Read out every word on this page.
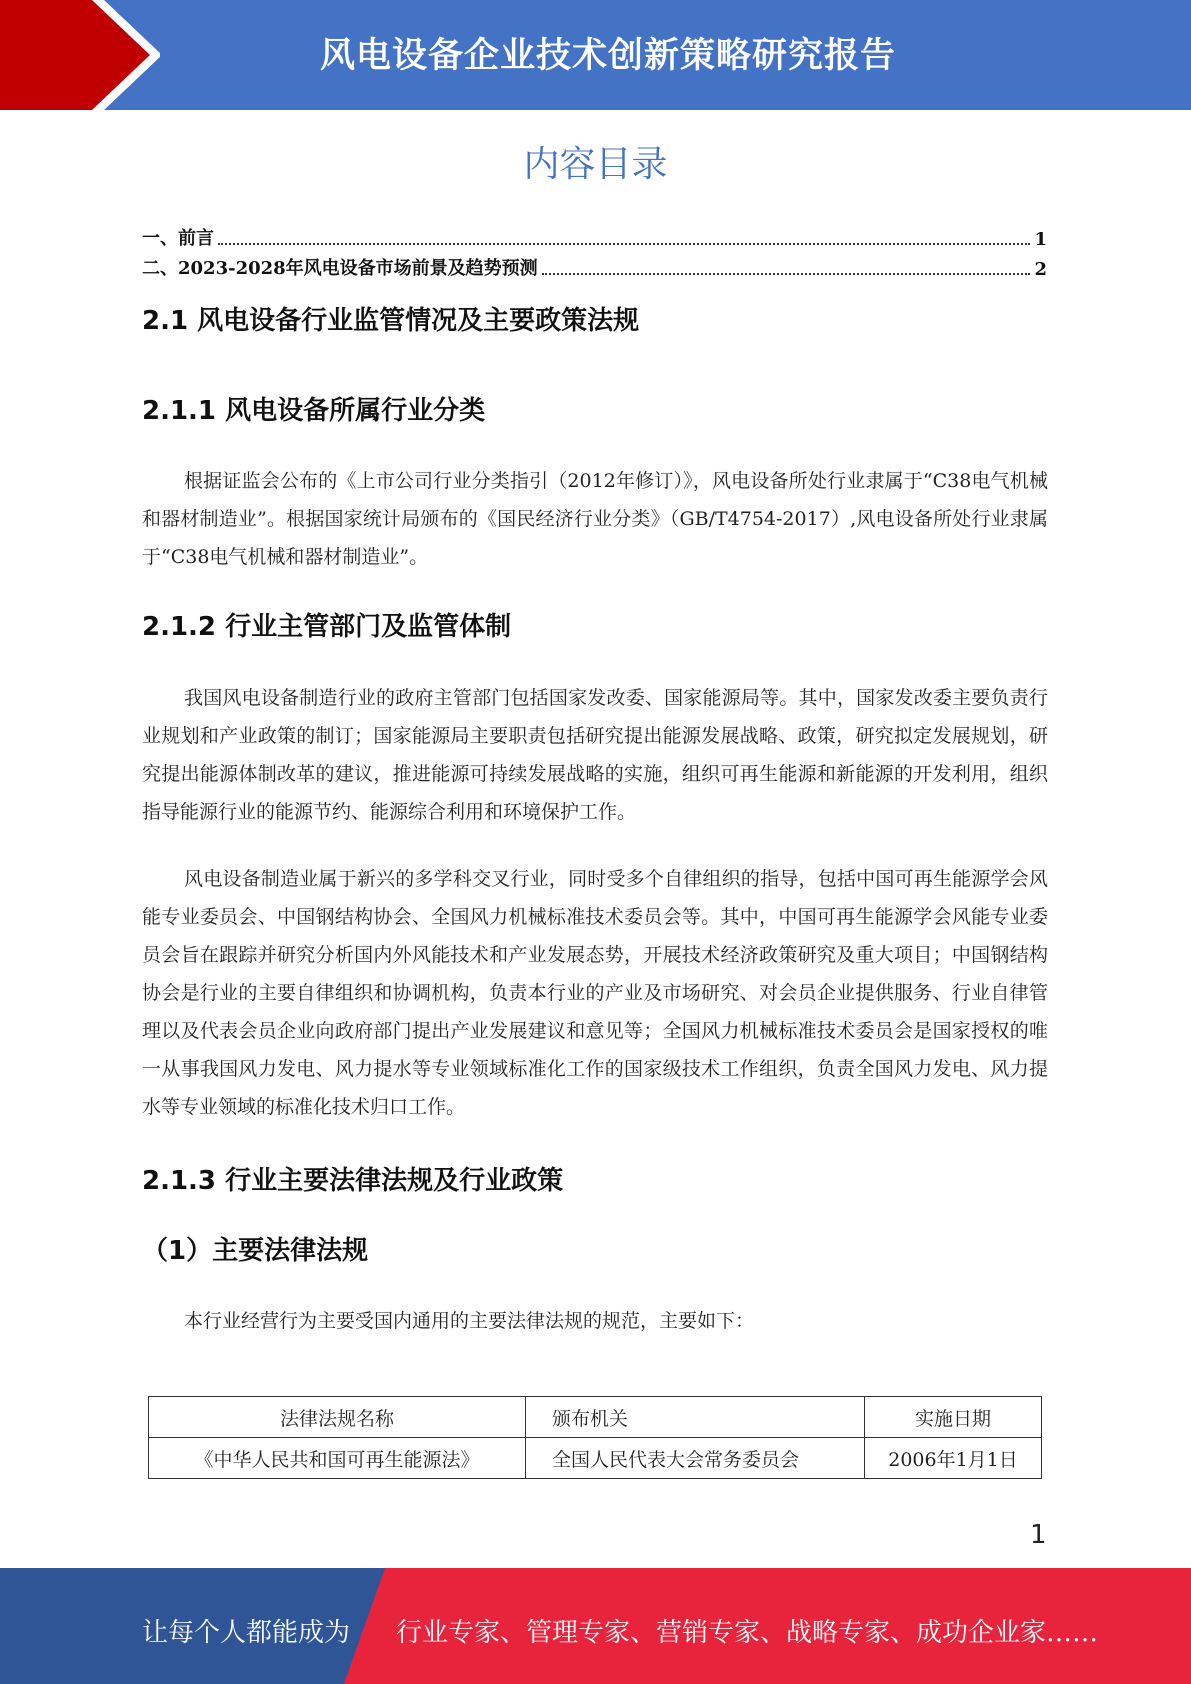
风电设备企业技术创新策略研究报告
内容目录
一、前言	1
二、2023-2028年风电设备市场前景及趋势预测	2
2.1 风电设备行业监管情况及主要政策法规
2.1.1 风电设备所属行业分类

根据证监会公布的《上市公司行业分类指引（2012年修订）》，风电设备所处行业隶属于“C38电气机械和器材制造业”。根据国家统计局颁布的《国民经济行业分类》（GB/T4754-2017）,风电设备所处行业隶属于“C38电气机械和器材制造业”。

2.1.2 行业主管部门及监管体制

我国风电设备制造行业的政府主管部门包括国家发改委、国家能源局等。其中，国家发改委主要负责行业规划和产业政策的制订；国家能源局主要职责包括研究提出能源发展战略、政策，研究拟定发展规划，研究提出能源体制改革的建议，推进能源可持续发展战略的实施，组织可再生能源和新能源的开发利用，组织指导能源行业的能源节约、能源综合利用和环境保护工作。

风电设备制造业属于新兴的多学科交叉行业，同时受多个自律组织的指导，包括中国可再生能源学会风能专业委员会、中国钢结构协会、全国风力机械标准技术委员会等。其中，中国可再生能源学会风能专业委员会旨在跟踪并研究分析国内外风能技术和产业发展态势，开展技术经济政策研究及重大项目；中国钢结构协会是行业的主要自律组织和协调机构，负责本行业的产业及市场研究、对会员企业提供服务、行业自律管理以及代表会员企业向政府部门提出产业发展建议和意见等；全国风力机械标准技术委员会是国家授权的唯一从事我国风力发电、风力提水等专业领域标准化工作的国家级技术工作组织，负责全国风力发电、风力提水等专业领域的标准化技术归口工作。

2.1.3 行业主要法律法规及行业政策
（1）主要法律法规

本行业经营行为主要受国内通用的主要法律法规的规范，主要如下：

法律法规名称	颁布机关	实施日期
《中华人民共和国可再生能源法》	全国人民代表大会常务委员会	2006年1月1日
1
让每个人都能成为 行业专家、管理专家、营销专家、战略专家、成功企业家……
